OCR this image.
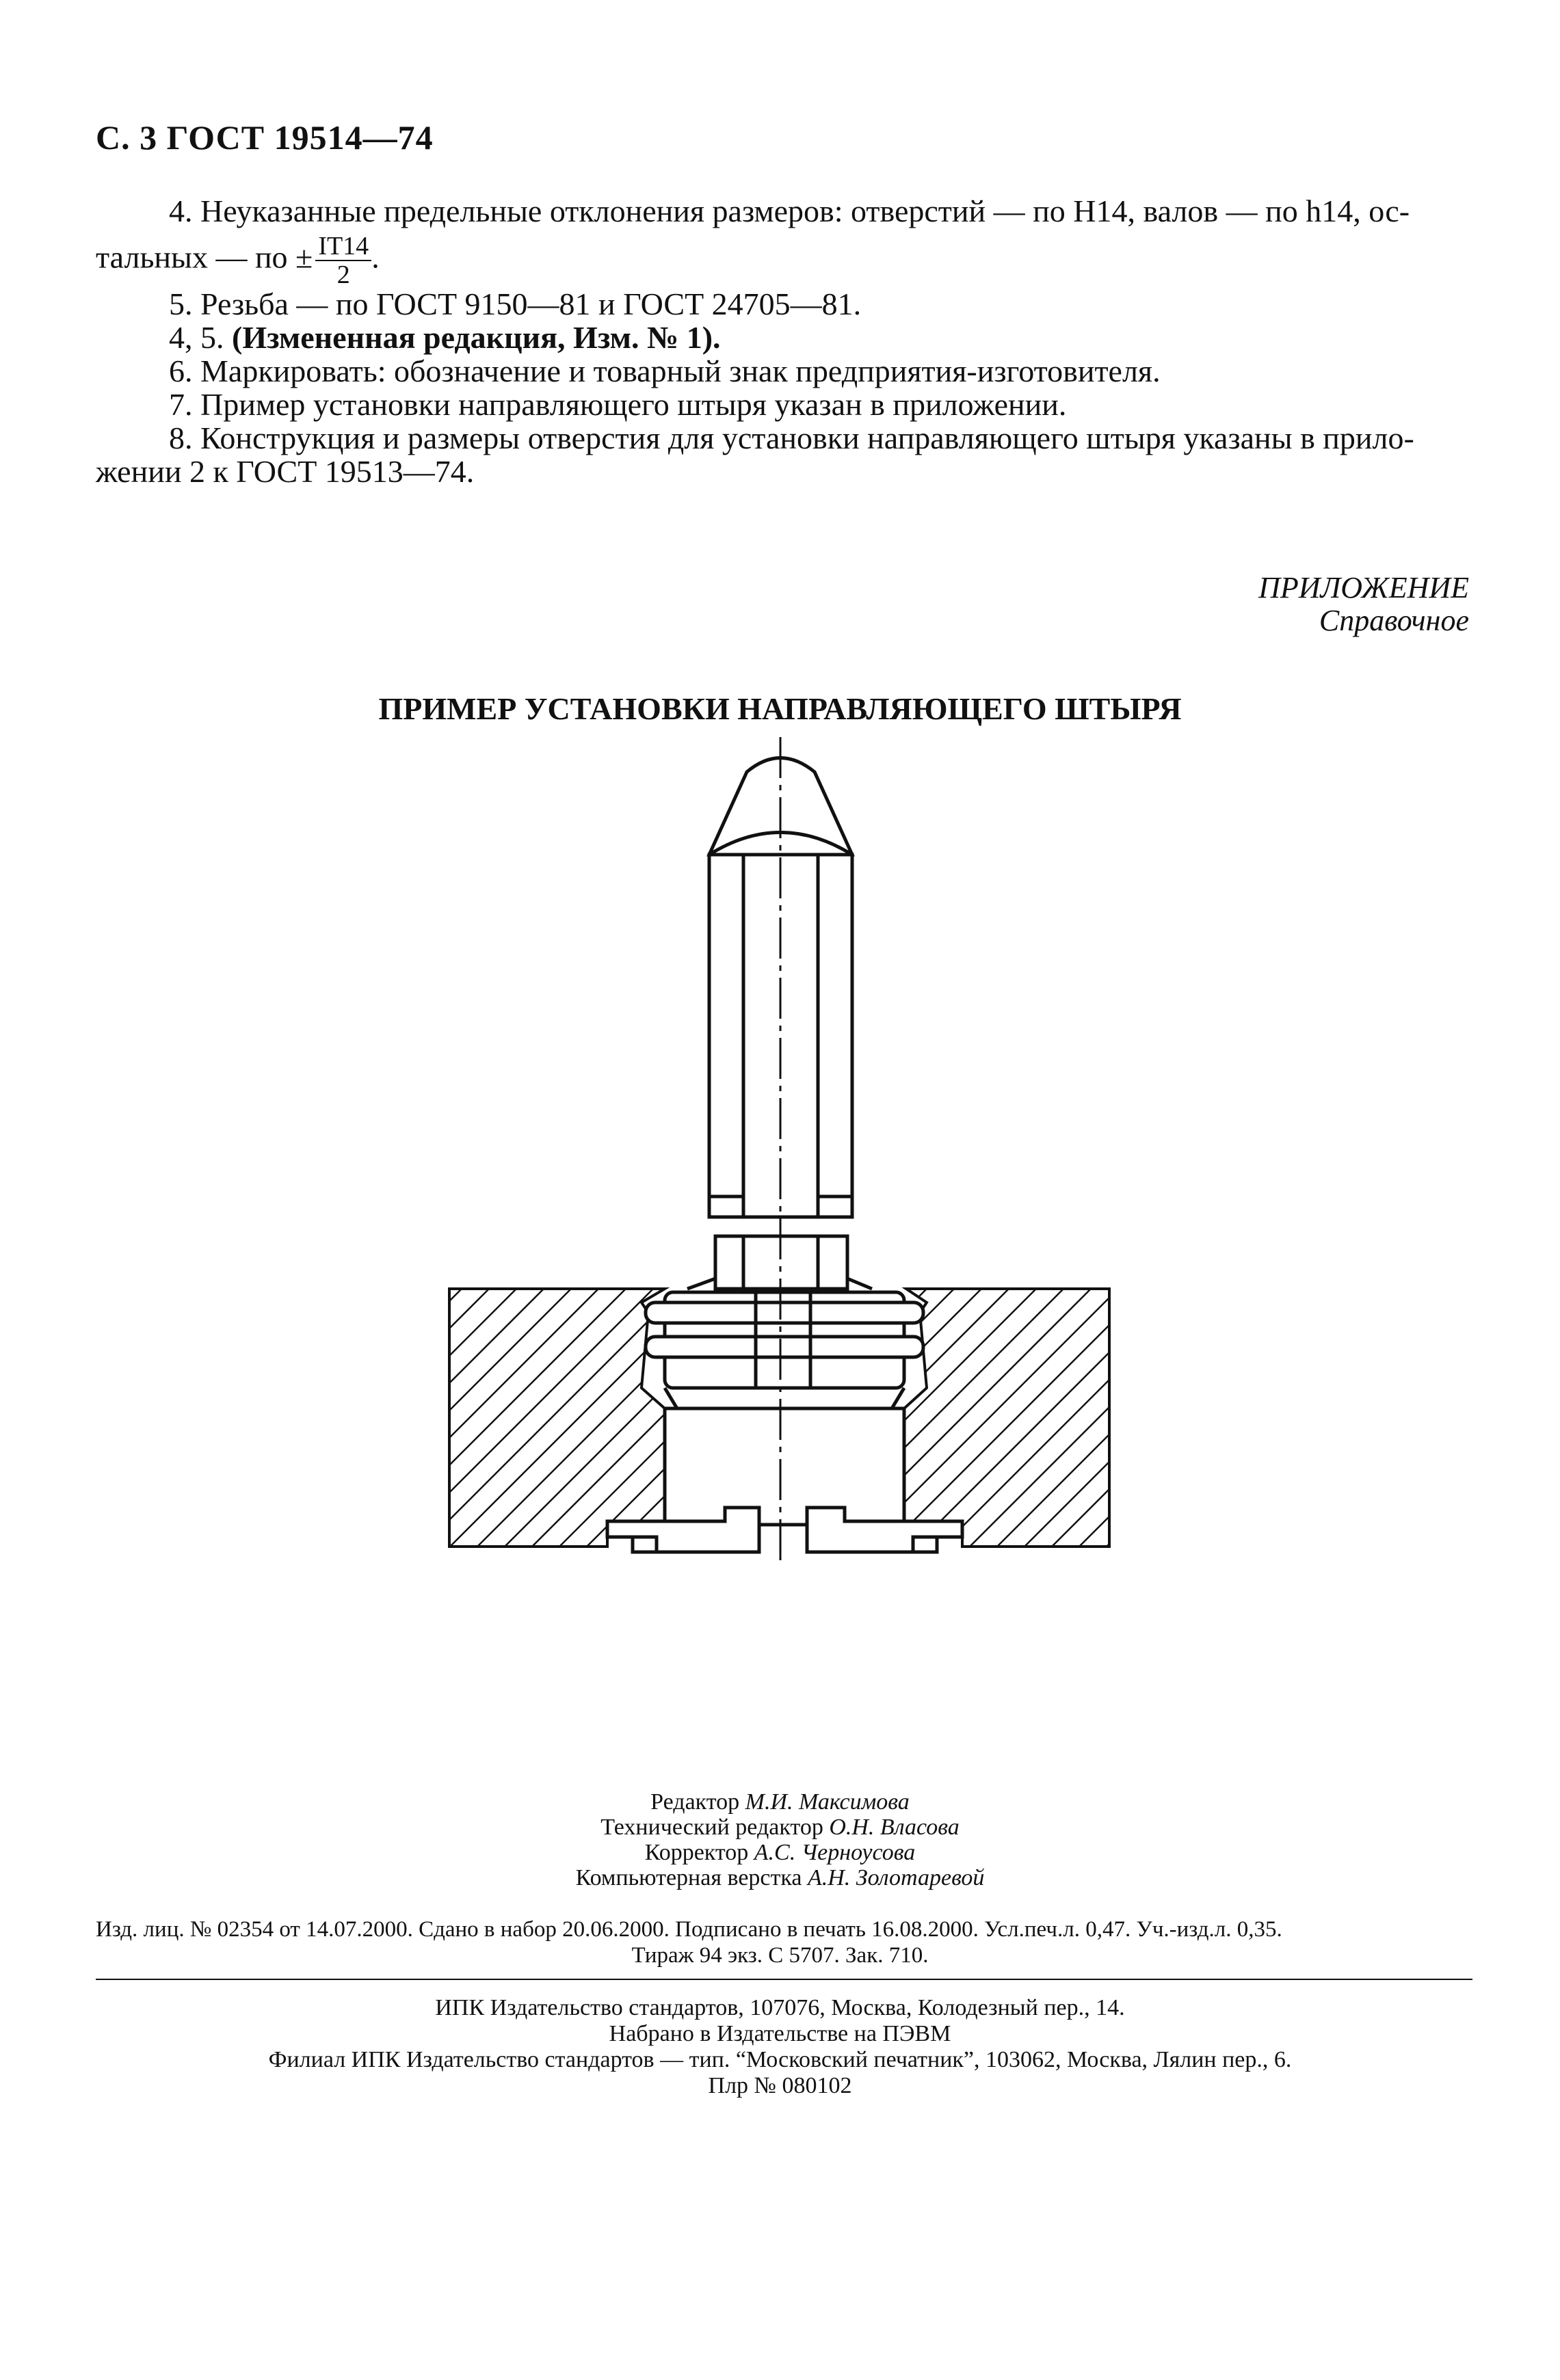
С. 3 ГОСТ 19514—74
4. Неуказанные предельные отклонения размеров: отверстий — по Н14, валов — по h14, ос-
тальных — по ± $\frac{IT14}{2}$ .
5. Резьба — по ГОСТ 9150—81 и ГОСТ 24705—81.
4, 5. (Измененная редакция, Изм. № 1).
6. Маркировать: обозначение и товарный знак предприятия-изготовителя.
7. Пример установки направляющего штыря указан в приложении.
8. Конструкция и размеры отверстия для установки направляющего штыря указаны в прило-
жении 2 к ГОСТ 19513—74.
ПРИЛОЖЕНИЕ
Справочное
ПРИМЕР УСТАНОВКИ НАПРАВЛЯЮЩЕГО ШТЫРЯ
Редактор М.И. Максимова
Технический редактор О.Н. Власова
Корректор А.С. Черноусова
Компьютерная верстка А.Н. Золотаревой
Изд. лиц. № 02354 от 14.07.2000. Сдано в набор 20.06.2000. Подписано в печать 16.08.2000. Усл.печ.л. 0,47. Уч.-изд.л. 0,35.
Тираж 94 экз. С 5707. Зак. 710.
ИПК Издательство стандартов, 107076, Москва, Колодезный пер., 14.
Набрано в Издательстве на ПЭВМ
Филиал ИПК Издательство стандартов — тип. “Московский печатник”, 103062, Москва, Лялин пер., 6.
Плр № 080102
